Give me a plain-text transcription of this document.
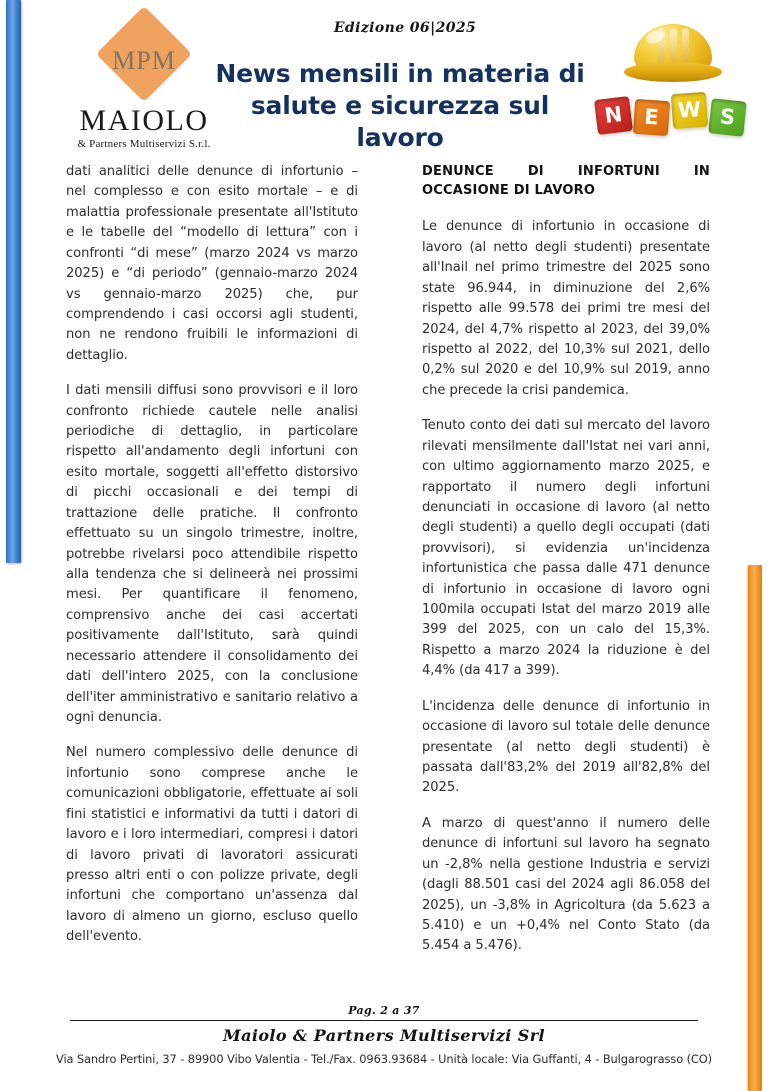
MPM
MAIOLO
& Partners Multiservizi S.r.l.
Edizione 06|2025
News mensili in materia di
salute e sicurezza sul lavoro
N E W S

dati analitici delle denunce di infortunio – nel complesso e con esito mortale – e di malattia professionale presentate all'Istituto e le tabelle del “modello di lettura” con i confronti “di mese” (marzo 2024 vs marzo 2025) e “di periodo” (gennaio-marzo 2024 vs gennaio-marzo 2025) che, pur comprendendo i casi occorsi agli studenti, non ne rendono fruibili le informazioni di dettaglio.

I dati mensili diffusi sono provvisori e il loro confronto richiede cautele nelle analisi periodiche di dettaglio, in particolare rispetto all'andamento degli infortuni con esito mortale, soggetti all'effetto distorsivo di picchi occasionali e dei tempi di trattazione delle pratiche. Il confronto effettuato su un singolo trimestre, inoltre, potrebbe rivelarsi poco attendibile rispetto alla tendenza che si delineerà nei prossimi mesi. Per quantificare il fenomeno, comprensivo anche dei casi accertati positivamente dall'Istituto, sarà quindi necessario attendere il consolidamento dei dati dell'intero 2025, con la conclusione dell'iter amministrativo e sanitario relativo a ogni denuncia.

Nel numero complessivo delle denunce di infortunio sono comprese anche le comunicazioni obbligatorie, effettuate ai soli fini statistici e informativi da tutti i datori di lavoro e i loro intermediari, compresi i datori di lavoro privati di lavoratori assicurati presso altri enti o con polizze private, degli infortuni che comportano un'assenza dal lavoro di almeno un giorno, escluso quello dell'evento.

DENUNCE DI INFORTUNI IN OCCASIONE DI LAVORO

Le denunce di infortunio in occasione di lavoro (al netto degli studenti) presentate all'Inail nel primo trimestre del 2025 sono state 96.944, in diminuzione del 2,6% rispetto alle 99.578 dei primi tre mesi del 2024, del 4,7% rispetto al 2023, del 39,0% rispetto al 2022, del 10,3% sul 2021, dello 0,2% sul 2020 e del 10,9% sul 2019, anno che precede la crisi pandemica.

Tenuto conto dei dati sul mercato del lavoro rilevati mensilmente dall'Istat nei vari anni, con ultimo aggiornamento marzo 2025, e rapportato il numero degli infortuni denunciati in occasione di lavoro (al netto degli studenti) a quello degli occupati (dati provvisori), si evidenzia un'incidenza infortunistica che passa dalle 471 denunce di infortunio in occasione di lavoro ogni 100mila occupati Istat del marzo 2019 alle 399 del 2025, con un calo del 15,3%. Rispetto a marzo 2024 la riduzione è del 4,4% (da 417 a 399).

L'incidenza delle denunce di infortunio in occasione di lavoro sul totale delle denunce presentate (al netto degli studenti) è passata dall'83,2% del 2019 all'82,8% del 2025.

A marzo di quest'anno il numero delle denunce di infortuni sul lavoro ha segnato un -2,8% nella gestione Industria e servizi (dagli 88.501 casi del 2024 agli 86.058 del 2025), un -3,8% in Agricoltura (da 5.623 a 5.410) e un +0,4% nel Conto Stato (da 5.454 a 5.476).

Pag. 2 a 37
Maiolo & Partners Multiservizi Srl
Via Sandro Pertini, 37 - 89900 Vibo Valentia - Tel./Fax. 0963.93684 - Unità locale: Via Guffanti, 4 - Bulgarograsso (CO)
